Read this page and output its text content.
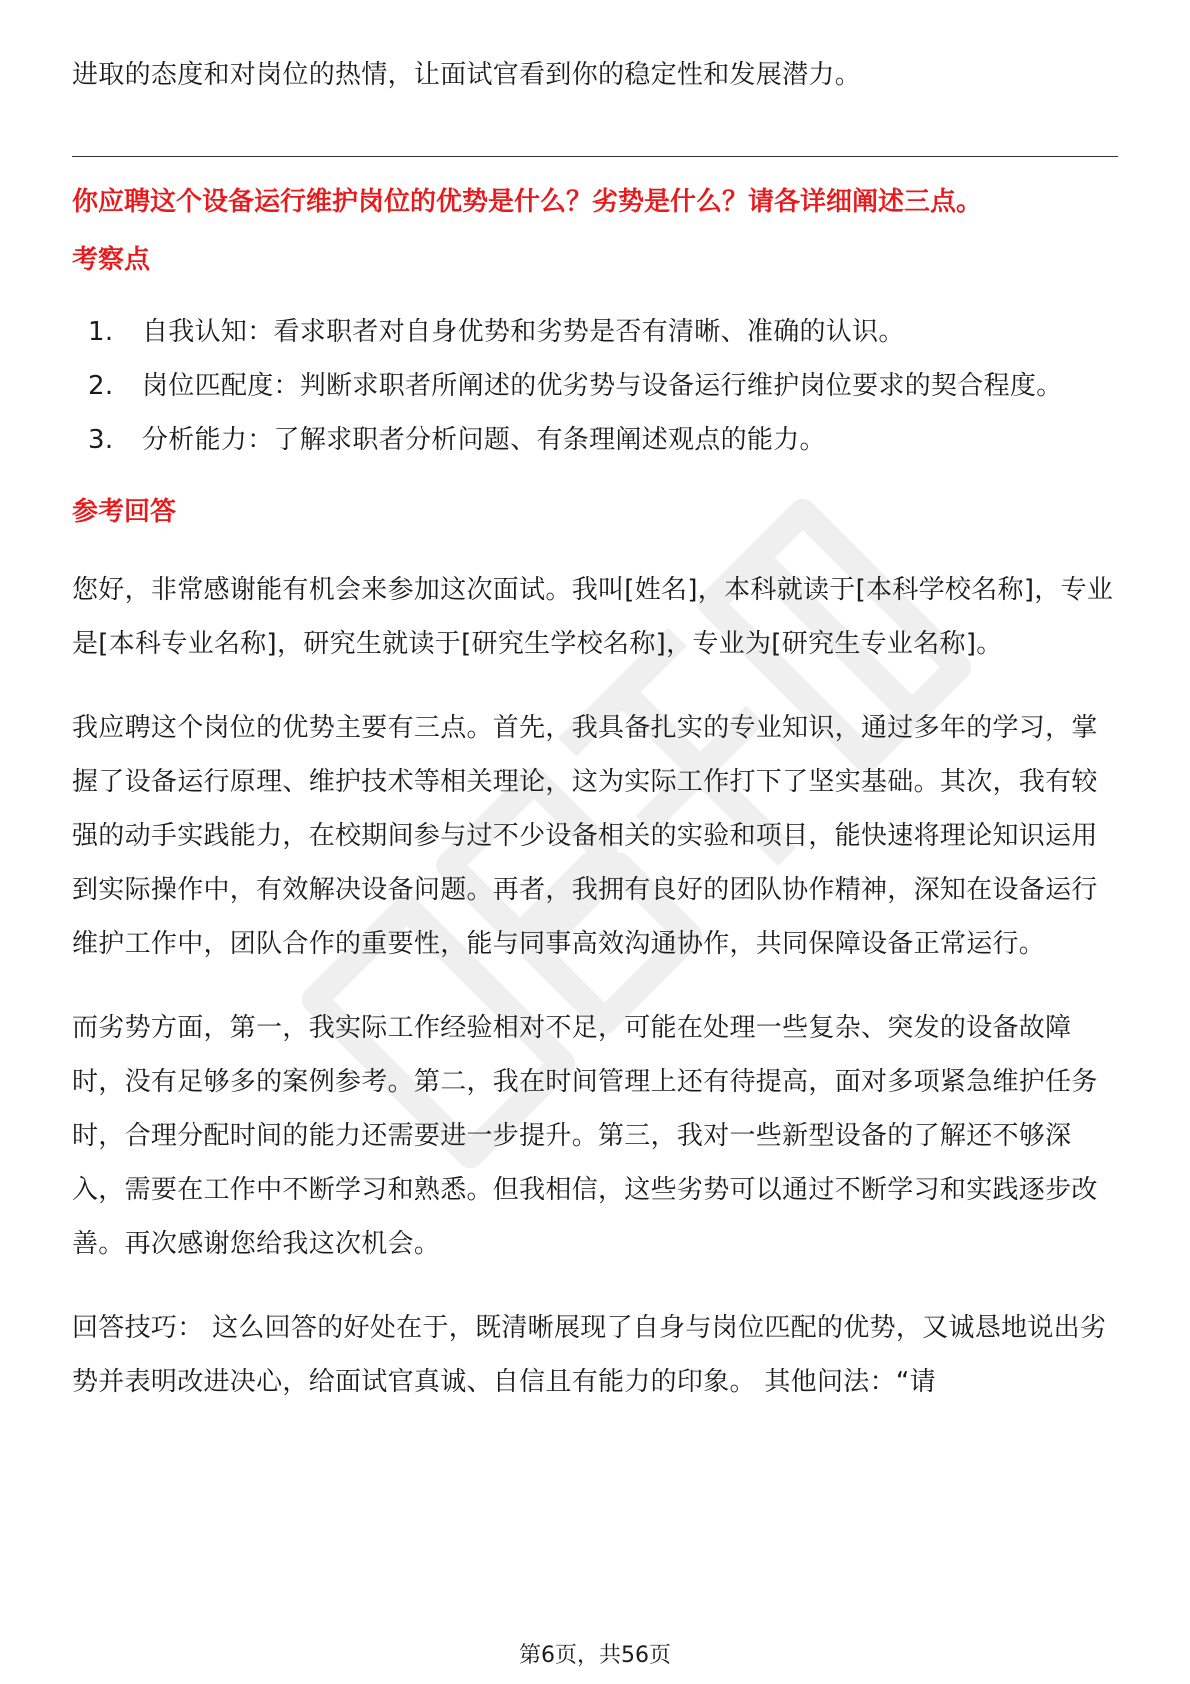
进取的态度和对岗位的热情，让面试官看到你的稳定性和发展潜力。

你应聘这个设备运行维护岗位的优势是什么？劣势是什么？请各详细阐述三点。

考察点

1.	自我认知：看求职者对自身优势和劣势是否有清晰、准确的认识。
2.	岗位匹配度：判断求职者所阐述的优劣势与设备运行维护岗位要求的契合程度。
3.	分析能力：了解求职者分析问题、有条理阐述观点的能力。

参考回答

您好，非常感谢能有机会来参加这次面试。我叫[姓名]，本科就读于[本科学校名称]，专业是[本科专业名称]，研究生就读于[研究生学校名称]，专业为[研究生专业名称]。

我应聘这个岗位的优势主要有三点。首先，我具备扎实的专业知识，通过多年的学习，掌握了设备运行原理、维护技术等相关理论，这为实际工作打下了坚实基础。其次，我有较强的动手实践能力，在校期间参与过不少设备相关的实验和项目，能快速将理论知识运用到实际操作中，有效解决设备问题。再者，我拥有良好的团队协作精神，深知在设备运行维护工作中，团队合作的重要性，能与同事高效沟通协作，共同保障设备正常运行。

而劣势方面，第一，我实际工作经验相对不足，可能在处理一些复杂、突发的设备故障时，没有足够多的案例参考。第二，我在时间管理上还有待提高，面对多项紧急维护任务时，合理分配时间的能力还需要进一步提升。第三，我对一些新型设备的了解还不够深入，需要在工作中不断学习和熟悉。但我相信，这些劣势可以通过不断学习和实践逐步改善。再次感谢您给我这次机会。

回答技巧： 这么回答的好处在于，既清晰展现了自身与岗位匹配的优势，又诚恳地说出劣势并表明改进决心，给面试官真诚、自信且有能力的印象。 其他问法：“请

第6页，共56页
